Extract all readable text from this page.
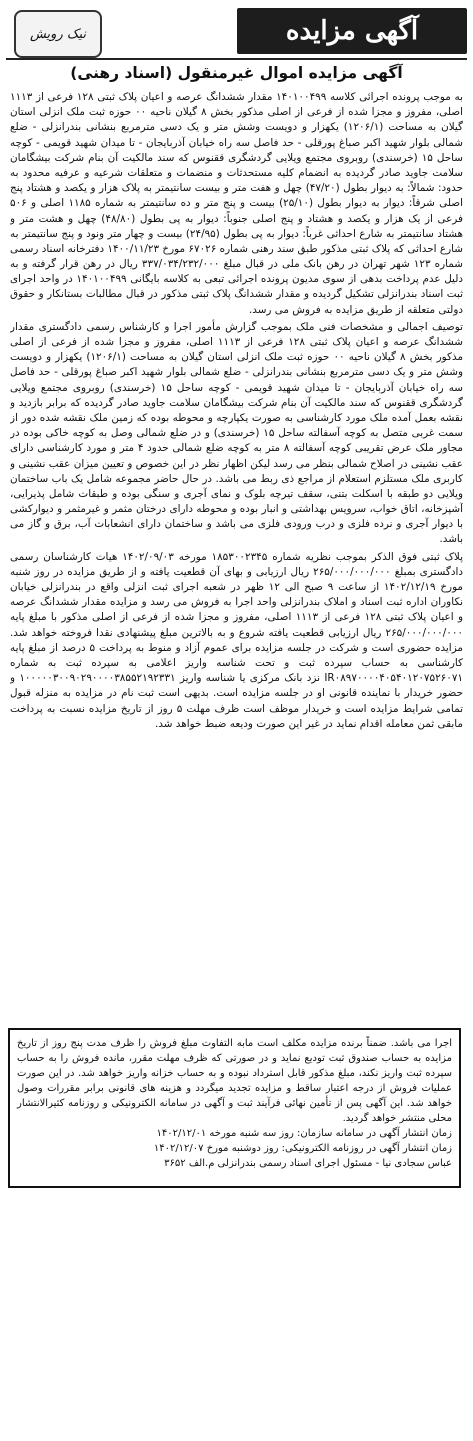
آگهی مزایده
نیک رویش
آگهی مزایده اموال غیرمنقول (اسناد رهنی)

به موجب پرونده اجرائی کلاسه ۱۴۰۱۰۰۴۹۹ مقدار ششدانگ عرصه و اعیان پلاک ثبتی ۱۲۸ فرعی از ۱۱۱۳ اصلی، مفروز و مجزا شده از فرعی از اصلی مذکور بخش ۸ گیلان ناحیه ۰۰ حوزه ثبت ملک انزلی استان گیلان به مساحت (۱۲۰۶/۱) یکهزار و دویست وشش متر و یک دسی مترمربع بنشانی بندرانزلی - ضلع شمالی بلوار شهید اکبر صباغ پورقلی - حد فاصل سه راه خیابان آذربایجان - تا میدان شهید قویمی - کوچه ساحل ۱۵ (خرسندی) روبروی مجتمع ویلایی گردشگری ققنوس که سند مالکیت آن بنام شرکت بیشگامان سلامت جاوید صادر گردیده به انضمام کلیه مستحدثات و منضمات و متعلقات شرعیه و عرفیه محدود به حدود: شمالاً: به دیوار بطول (۴۷/۲۰) چهل و هفت متر و بیست سانتیمتر به پلاک هزار و یکصد و هشتاد پنج اصلی شرقاً: دیوار به دیوار بطول (۲۵/۱۰) بیست و پنج متر و ده سانتیمتر به شماره ۱۱۸۵ اصلی و ۵۰۶ فرعی از یک هزار و یکصد و هشتاد و پنج اصلی جنوباً: دیوار به پی بطول (۴۸/۸۰) چهل و هشت متر و هشتاد سانتیمتر به شارع احداثی غرباً: دیوار به پی بطول (۲۴/۹۵) بیست و چهار متر ونود و پنج سانتیمتر به شارع احداثی که پلاک ثبتی مذکور طبق سند رهنی شماره ۶۷۰۲۶ مورخ ۱۴۰۰/۱۱/۲۳ دفترخانه اسناد رسمی شماره ۱۲۳ شهر تهران در رهن بانک ملی در قبال مبلغ ۳۳۷/۰۳۴/۲۳۲/۰۰۰ ریال در رهن قرار گرفته و به دلیل عدم پرداخت بدهی از سوی مدیون پرونده اجرائی تبعی به کلاسه بایگانی ۱۴۰۱۰۰۴۹۹ در واحد اجرای ثبت اسناد بندرانزلی تشکیل گردیده و مقدار ششدانگ پلاک ثبتی مذکور در قبال مطالبات بستانکار و حقوق دولتی متعلقه از طریق مزایده به فروش می رسد.

توصیف اجمالی و مشخصات فنی ملک بموجب گزارش مأمور اجرا و کارشناس رسمی دادگستری مقدار ششدانگ عرصه و اعیان پلاک ثبتی ۱۲۸ فرعی از ۱۱۱۳ اصلی، مفروز و مجزا شده از فرعی از اصلی مذکور بخش ۸ گیلان ناحیه ۰۰ حوزه ثبت ملک انزلی استان گیلان به مساحت (۱۲۰۶/۱) یکهزار و دویست وشش متر و یک دسی مترمربع بنشانی بندرانزلی - ضلع شمالی بلوار شهید اکبر صباغ پورقلی - حد فاصل سه راه خیابان آذربایجان - تا میدان شهید قویمی - کوچه ساحل ۱۵ (خرسندی) روبروی مجتمع ویلایی گردشگری ققنوس که سند مالکیت آن بنام شرکت بیشگامان سلامت جاوید صادر گردیده که برابر بازدید و نقشه بعمل آمده ملک مورد کارشناسی به صورت یکپارچه و محوطه بوده که زمین ملک نقشه شده دور از سمت غربی متصل به کوچه آسفالته ساحل ۱۵ (خرسندی) و در ضلع شمالی وصل به کوچه خاکی بوده در مجاور ملک عرض تقریبی کوچه آسفالته ۸ متر به کوچه ضلع شمالی حدود ۴ متر و مورد کارشناسی دارای عقب نشینی در اصلاح شمالی بنظر می رسد لیکن اظهار نظر در این خصوص و تعیین میزان عقب نشینی و کاربری ملک مستلزم استعلام از مراجع ذی ربط می باشد. در حال حاضر مجموعه شامل یک باب ساختمان ویلایی دو طبقه با اسکلت بتنی، سقف تیرچه بلوک و نمای آجری و سنگی بوده و طبقات شامل پذیرایی، آشپزخانه، اتاق خواب، سرویس بهداشتی و انبار بوده و محوطه دارای درختان مثمر و غیرمثمر و دیوارکشی با دیوار آجری و نرده فلزی و درب ورودی فلزی می باشد و ساختمان دارای انشعابات آب، برق و گاز می باشد.

پلاک ثبتی فوق الذکر بموجب نظریه شماره ۱۸۵۳۰۰۲۳۴۵ مورخه ۱۴۰۲/۰۹/۰۳ هیات کارشناسان رسمی دادگستری بمبلغ ۲۶۵/۰۰۰/۰۰۰/۰۰۰ ریال ارزیابی و بهای آن قطعیت یافته و از طریق مزایده در روز شنبه مورخ ۱۴۰۲/۱۲/۱۹ از ساعت ۹ صبح الی ۱۲ ظهر در شعبه اجرای ثبت انزلی واقع در بندرانزلی خیابان نکاوران اداره ثبت اسناد و املاک بندرانزلی واحد اجرا به فروش می رسد و مزایده مقدار ششدانگ عرصه و اعیان پلاک ثبتی ۱۲۸ فرعی از ۱۱۱۳ اصلی، مفروز و مجزا شده از فرعی از اصلی مذکور با مبلغ پایه ۲۶۵/۰۰۰/۰۰۰/۰۰۰ ریال ارزیابی قطعیت یافته شروع و به بالاترین مبلغ پیشنهادی نقدا فروخته خواهد شد. مزایده حضوری است و شرکت در جلسه مزایده برای عموم آزاد و منوط به پرداخت ۵ درصد از مبلغ پایه کارشناسی به حساب سپرده ثبت و تحت شناسه واریز اعلامی به سپرده ثبت به شماره IR۰۸۹۷۰۰۰۰۴۰۵۴۰۱۲۰۷۵۲۶۰۷۱ نزد بانک مرکزی یا شناسه واریز ۱۰۰۰۰۰۳۰۰۹۰۲۹۰۰۰۰۳۸۵۵۲۱۹۲۳۳۱ و حضور خریدار با نماینده قانونی او در جلسه مزایده است. بدیهی است ثبت نام در مزایده به منزله قبول تمامی شرایط مزایده است و خریدار موظف است ظرف مهلت ۵ روز از تاریخ مزایده نسبت به پرداخت مابقی ثمن معامله اقدام نماید در غیر این صورت ودیعه ضبط خواهد شد.

اجرا می باشد. ضمناً برنده مزایده مکلف است مابه التفاوت مبلغ فروش را ظرف مدت پنج روز از تاریخ مزایده به حساب صندوق ثبت تودیع نماید و در صورتی که ظرف مهلت مقرر، مانده فروش را به حساب سپرده ثبت واریز نکند، مبلغ مذکور قابل استرداد نبوده و به حساب خزانه واریز خواهد شد. در این صورت عملیات فروش از درجه اعتبار ساقط و مزایده تجدید میگردد و هزینه های قانونی برابر مقررات وصول خواهد شد. این آگهی پس از تأمین نهائی فرآیند ثبت و آگهی در سامانه الکترونیکی و روزنامه کثیرالانتشار محلی منتشر خواهد گردید.

زمان انتشار آگهی در سامانه سازمان: روز سه شنبه مورخه ۱۴۰۲/۱۲/۰۱

زمان انتشار آگهی در روزنامه الکترونیکی: روز دوشنبه مورخ ۱۴۰۲/۱۲/۰۷

عباس سجادی نیا - مسئول اجرای اسناد رسمی بندرانزلی م.الف ۳۶۵۲
